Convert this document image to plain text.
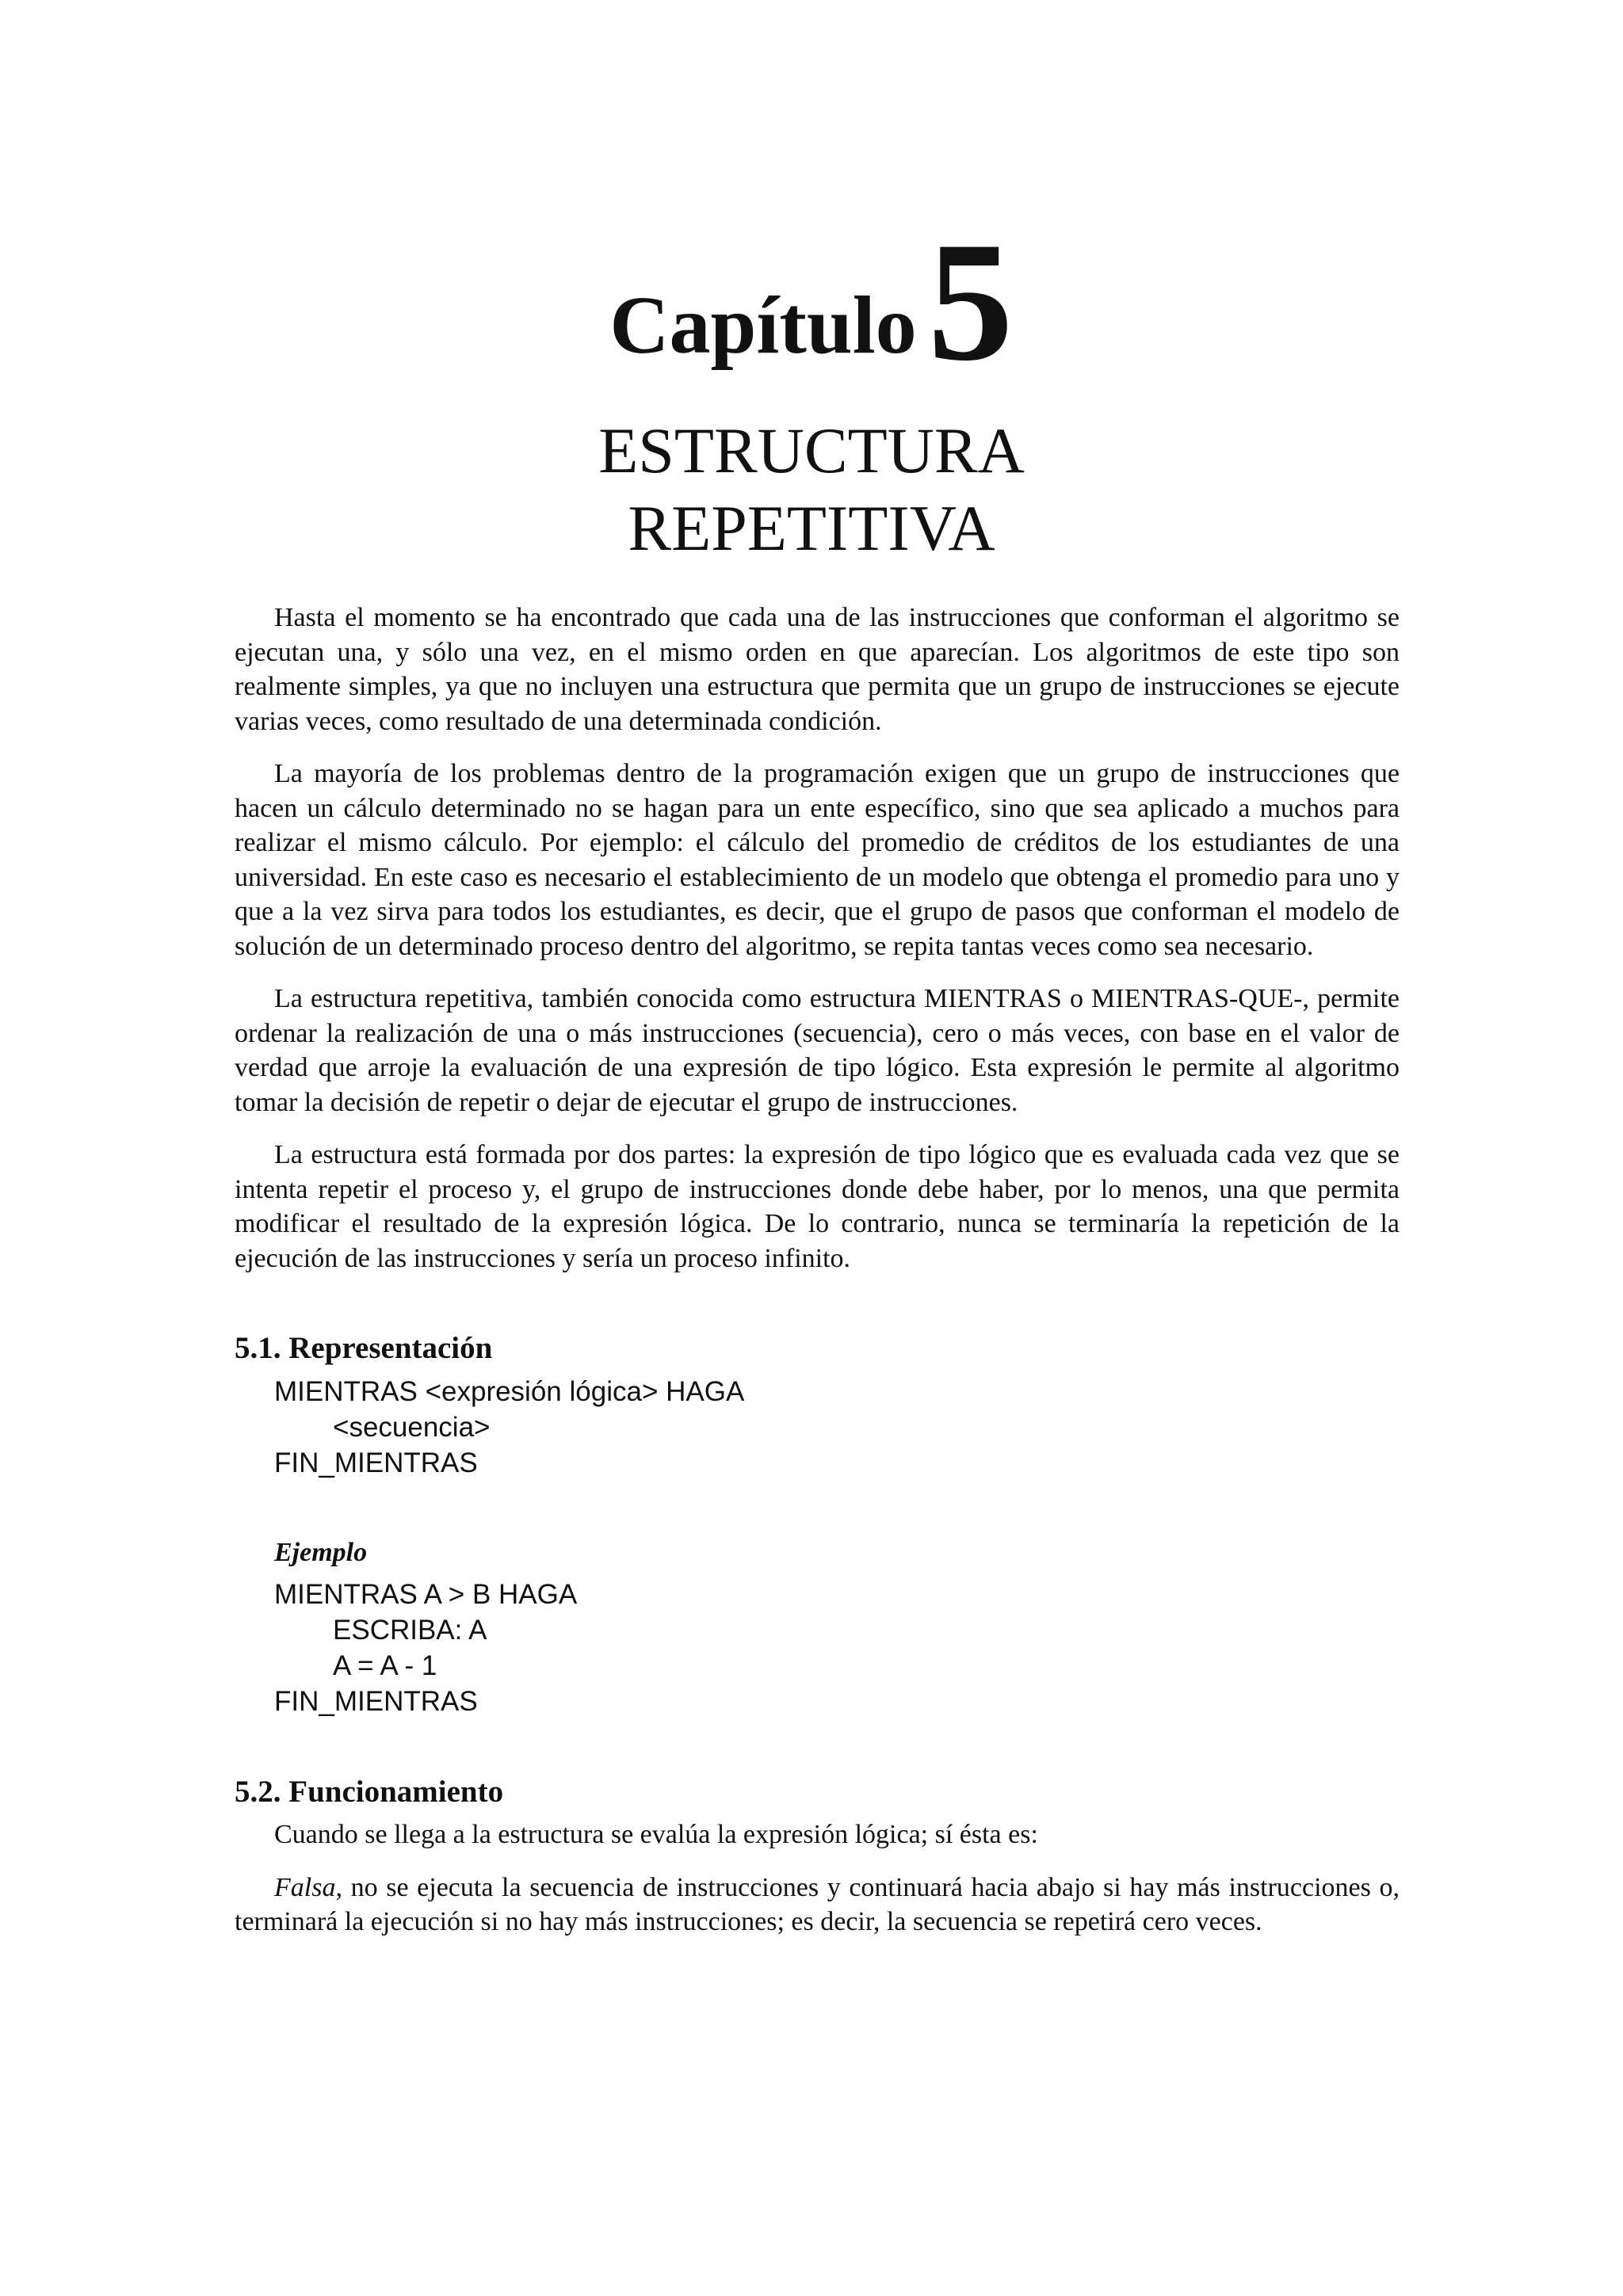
Capítulo5
ESTRUCTURA
REPETITIVA

Hasta el momento se ha encontrado que cada una de las instrucciones que conforman el algoritmo se ejecutan una, y sólo una vez, en el mismo orden en que aparecían. Los algoritmos de este tipo son realmente simples, ya que no incluyen una estructura que permita que un grupo de instrucciones se ejecute varias veces, como resultado de una determinada condición.

La mayoría de los problemas dentro de la programación exigen que un grupo de instrucciones que hacen un cálculo determinado no se hagan para un ente específico, sino que sea aplicado a muchos para realizar el mismo cálculo. Por ejemplo: el cálculo del promedio de créditos de los estudiantes de una universidad. En este caso es necesario el establecimiento de un modelo que obtenga el promedio para uno y que a la vez sirva para todos los estudiantes, es decir, que el grupo de pasos que conforman el modelo de solución de un determinado proceso dentro del algoritmo, se repita tantas veces como sea necesario.

La estructura repetitiva, también conocida como estructura MIENTRAS o MIENTRAS-QUE-, permite ordenar la realización de una o más instrucciones (secuencia), cero o más veces, con base en el valor de verdad que arroje la evaluación de una expresión de tipo lógico. Esta expresión le permite al algoritmo tomar la decisión de repetir o dejar de ejecutar el grupo de instrucciones.

La estructura está formada por dos partes: la expresión de tipo lógico que es evaluada cada vez que se intenta repetir el proceso y, el grupo de instrucciones donde debe haber, por lo menos, una que permita modificar el resultado de la expresión lógica. De lo contrario, nunca se terminaría la repetición de la ejecución de las instrucciones y sería un proceso infinito.

5.1. Representación
MIENTRAS <expresión lógica> HAGA
<secuencia>
FIN_MIENTRAS
Ejemplo
MIENTRAS A > B HAGA
ESCRIBA: A
A = A - 1
FIN_MIENTRAS
5.2. Funcionamiento

Cuando se llega a la estructura se evalúa la expresión lógica; sí ésta es:

Falsa, no se ejecuta la secuencia de instrucciones y continuará hacia abajo si hay más instrucciones o, terminará la ejecución si no hay más instrucciones; es decir, la secuencia se repetirá cero veces.
